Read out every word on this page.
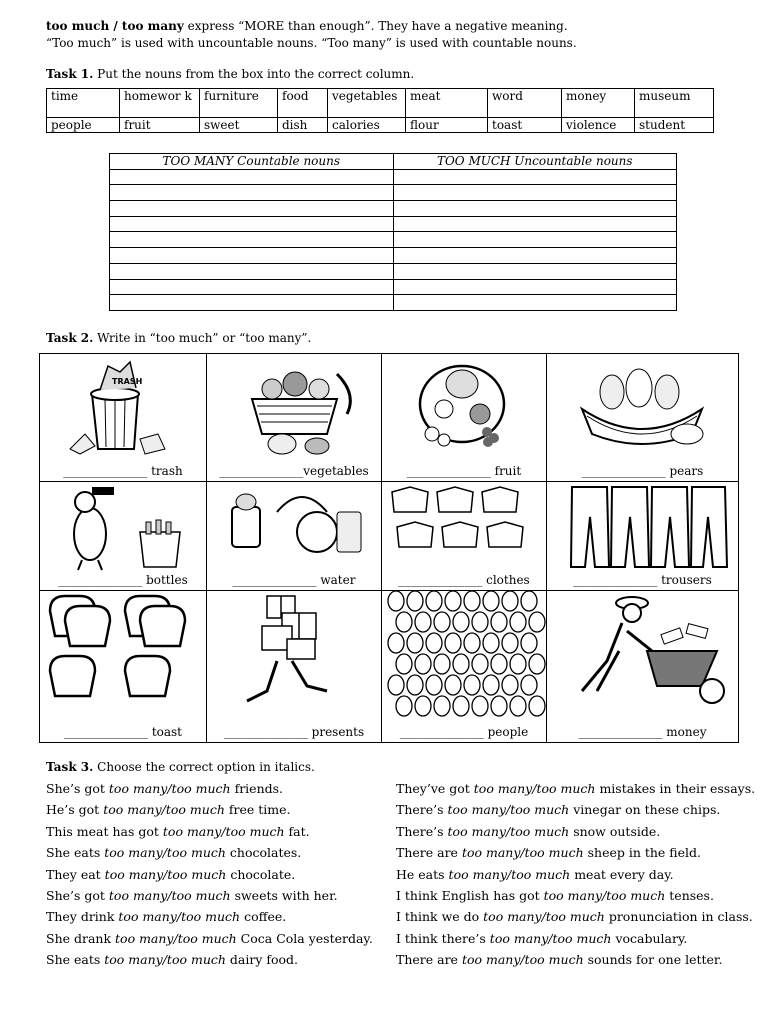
too much / too many express “MORE than enough”. They have a negative meaning.
“Too much” is used with uncountable nouns. “Too many” is used with countable nouns.
Task 1. Put the nouns from the box into the correct column.
time	homewor k	furniture	food	vegetables	meat	word	money	museum
people	fruit	sweet	dish	calories	flour	toast	violence	student
TOO MANY Countable nouns	TOO MUCH Uncountable nouns

Task 2. Write in “too much” or “too many”.
TRASH
______________ trash	______________vegetables	______________ fruit	______________ pears
______________ bottles	______________ water	______________ clothes	______________ trousers
______________ toast	______________ presents	______________ people	______________ money
Task 3. Choose the correct option in italics.
She’s got too many/too much friends.
He’s got too many/too much free time.
This meat has got too many/too much fat.
She eats too many/too much chocolates.
They eat too many/too much chocolate.
She’s got too many/too much sweets with her.
They drink too many/too much coffee.
She drank too many/too much Coca Cola yesterday.
She eats too many/too much dairy food.
They’ve got too many/too much mistakes in their essays.
There’s too many/too much vinegar on these chips.
There’s too many/too much snow outside.
There are too many/too much sheep in the field.
He eats too many/too much meat every day.
I think English has got too many/too much tenses.
I think we do too many/too much pronunciation in class.
I think there’s too many/too much vocabulary.
There are too many/too much sounds for one letter.
